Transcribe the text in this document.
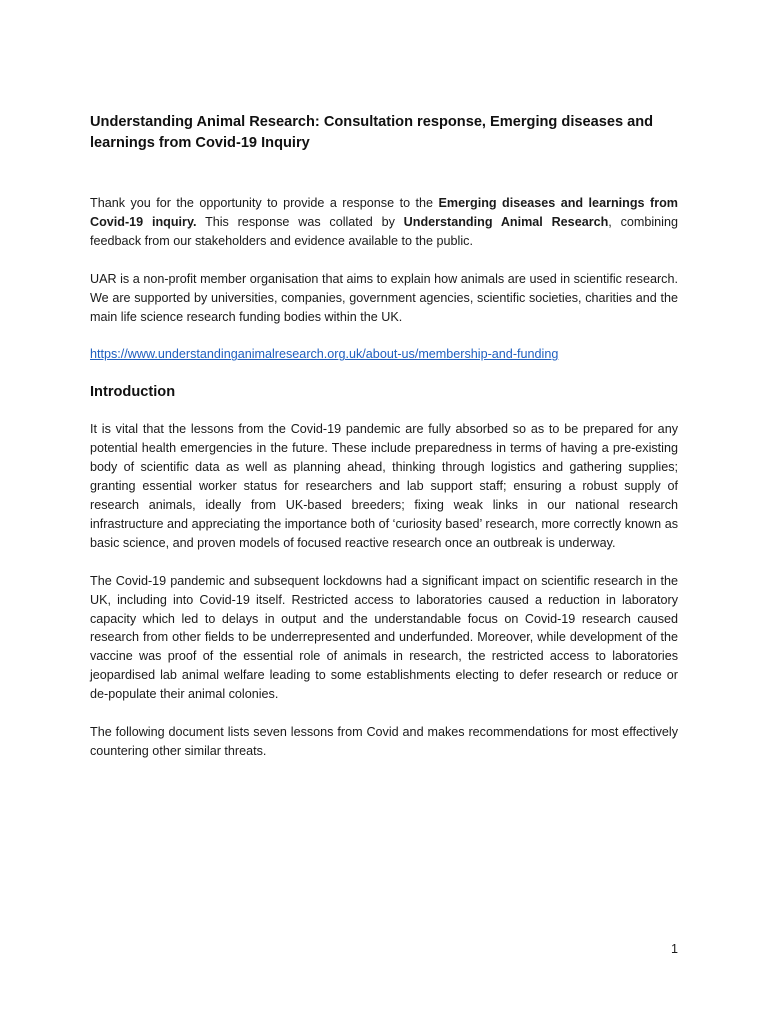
Understanding Animal Research: Consultation response, Emerging diseases and learnings from Covid-19 Inquiry

Thank you for the opportunity to provide a response to the Emerging diseases and learnings from Covid-19 inquiry. This response was collated by Understanding Animal Research, combining feedback from our stakeholders and evidence available to the public.

UAR is a non-profit member organisation that aims to explain how animals are used in scientific research. We are supported by universities, companies, government agencies, scientific societies, charities and the main life science research funding bodies within the UK.

https://www.understandinganimalresearch.org.uk/about-us/membership-and-funding
Introduction

It is vital that the lessons from the Covid-19 pandemic are fully absorbed so as to be prepared for any potential health emergencies in the future. These include preparedness in terms of having a pre-existing body of scientific data as well as planning ahead, thinking through logistics and gathering supplies; granting essential worker status for researchers and lab support staff; ensuring a robust supply of research animals, ideally from UK-based breeders; fixing weak links in our national research infrastructure and appreciating the importance both of ‘curiosity based’ research, more correctly known as basic science, and proven models of focused reactive research once an outbreak is underway.

The Covid-19 pandemic and subsequent lockdowns had a significant impact on scientific research in the UK, including into Covid-19 itself. Restricted access to laboratories caused a reduction in laboratory capacity which led to delays in output and the understandable focus on Covid-19 research caused research from other fields to be underrepresented and underfunded. Moreover, while development of the vaccine was proof of the essential role of animals in research, the restricted access to laboratories jeopardised lab animal welfare leading to some establishments electing to defer research or reduce or de-populate their animal colonies.

The following document lists seven lessons from Covid and makes recommendations for most effectively countering other similar threats.

1
